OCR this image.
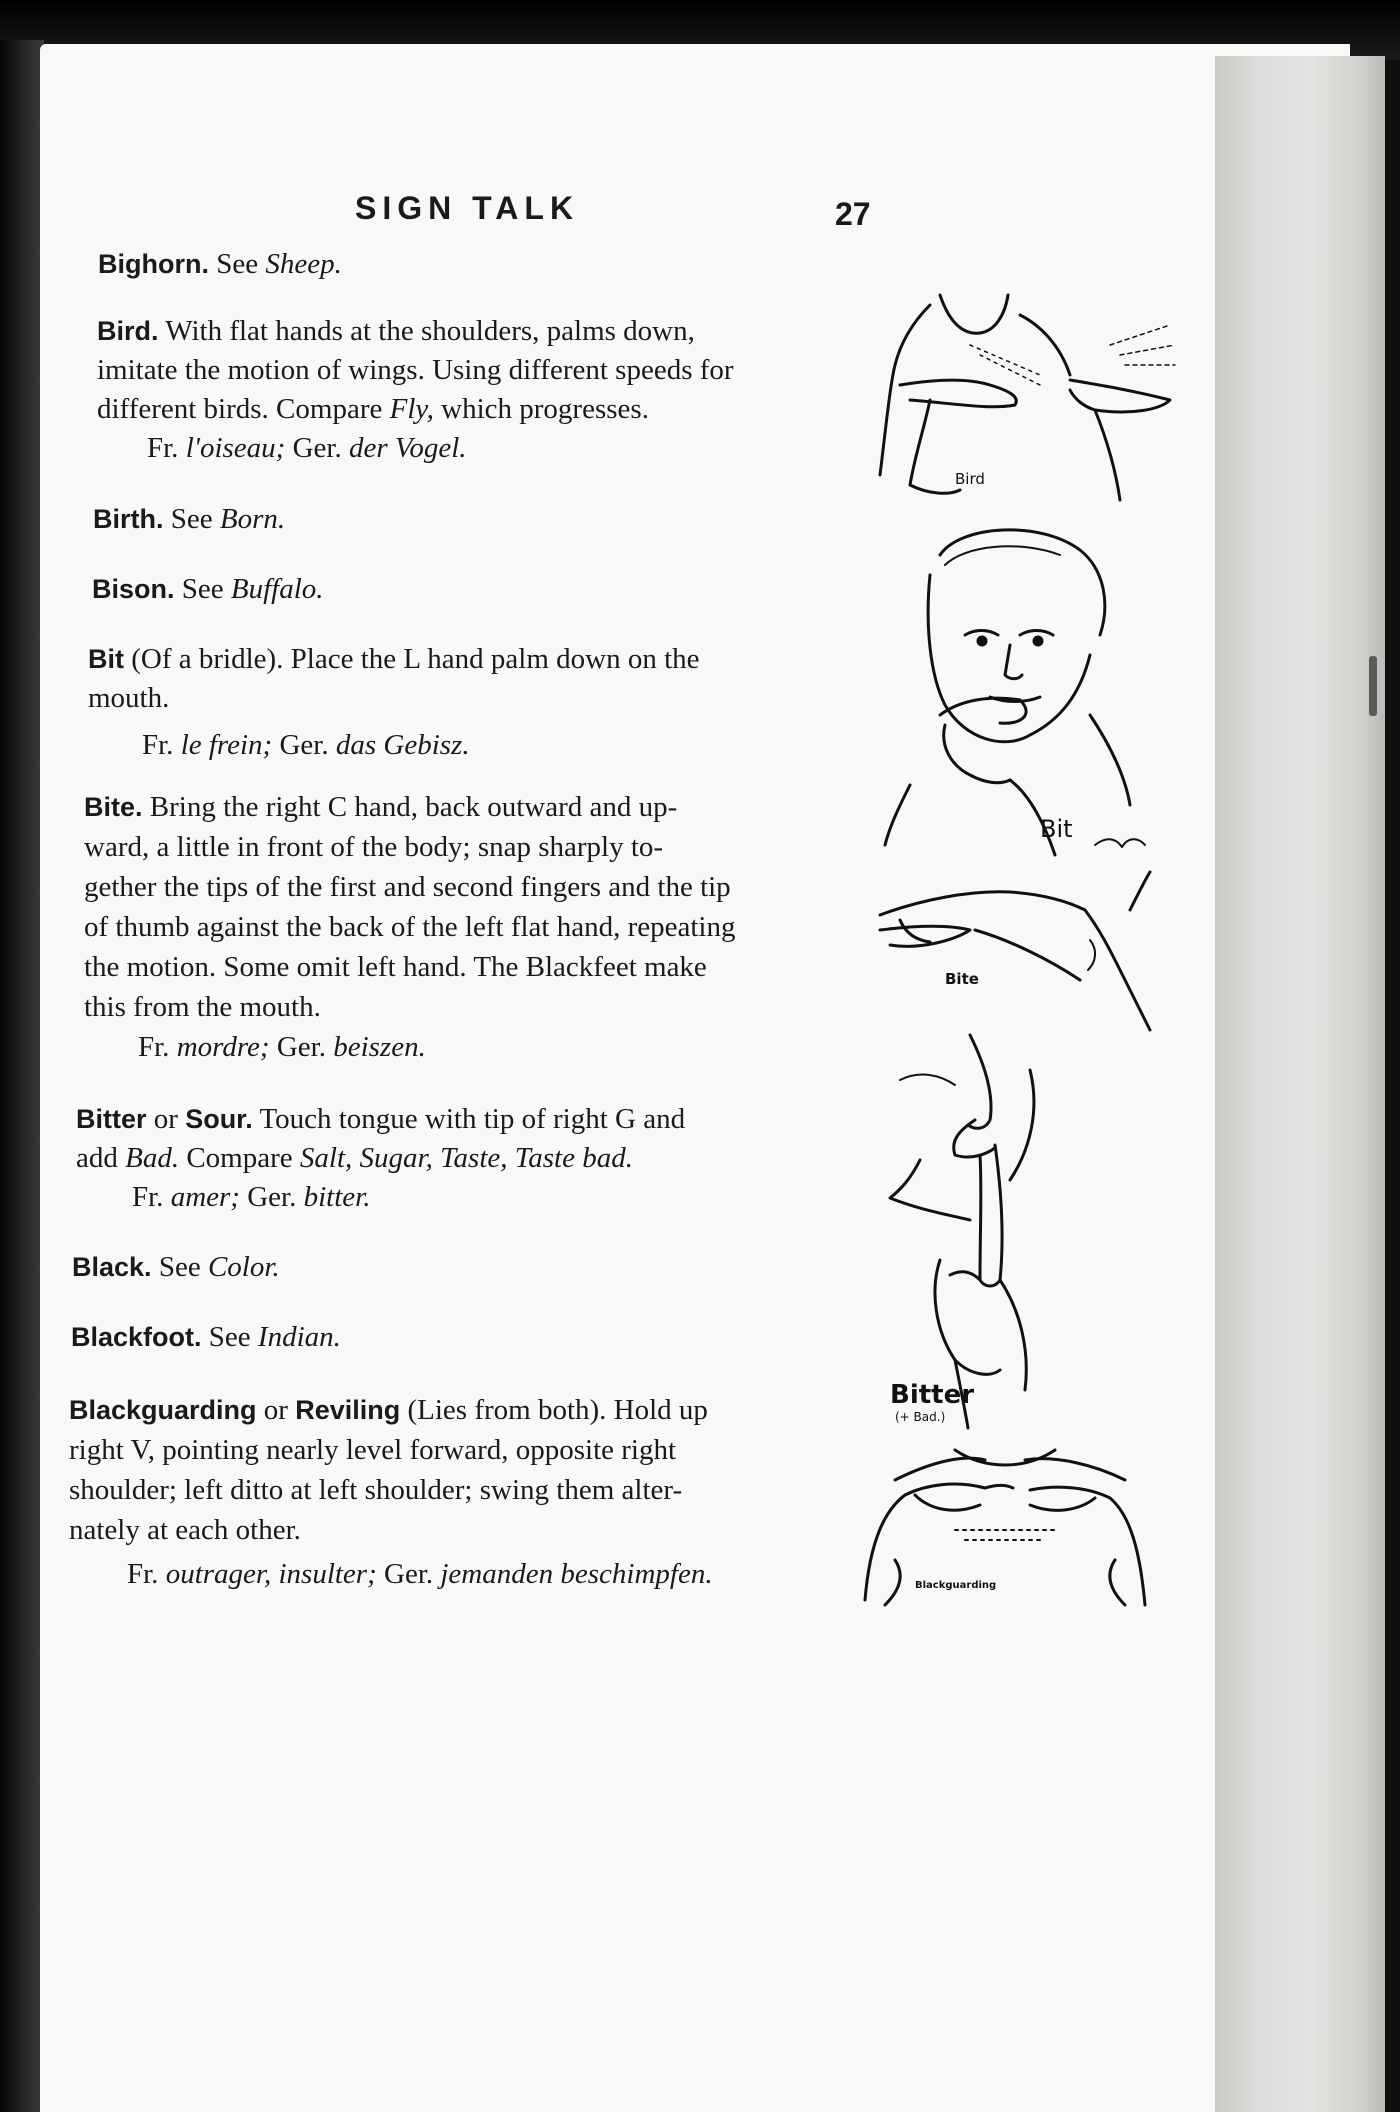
SIGN TALK	27
Bighorn. See Sheep.
Bird. With flat hands at the shoulders, palms down,
imitate the motion of wings. Using different speeds for
different birds. Compare Fly, which progresses.
Fr. l'oiseau; Ger. der Vogel.
Birth. See Born.
Bison. See Buffalo.
Bit (Of a bridle). Place the L hand palm down on the
mouth.
Fr. le frein; Ger. das Gebisz.
Bite. Bring the right C hand, back outward and up-
ward, a little in front of the body; snap sharply to-
gether the tips of the first and second fingers and the tip
of thumb against the back of the left flat hand, repeating
the motion. Some omit left hand. The Blackfeet make
this from the mouth.
Fr. mordre; Ger. beiszen.
Bitter or Sour. Touch tongue with tip of right G and
add Bad. Compare Salt, Sugar, Taste, Taste bad.
Fr. amer; Ger. bitter.
Black. See Color.
Blackfoot. See Indian.
Blackguarding or Reviling (Lies from both). Hold up
right V, pointing nearly level forward, opposite right
shoulder; left ditto at left shoulder; swing them alter-
nately at each other.
Fr. outrager, insulter; Ger. jemanden beschimpfen.
Bird
Bit
Bite
Bitter
(+ Bad.)
Blackguarding
